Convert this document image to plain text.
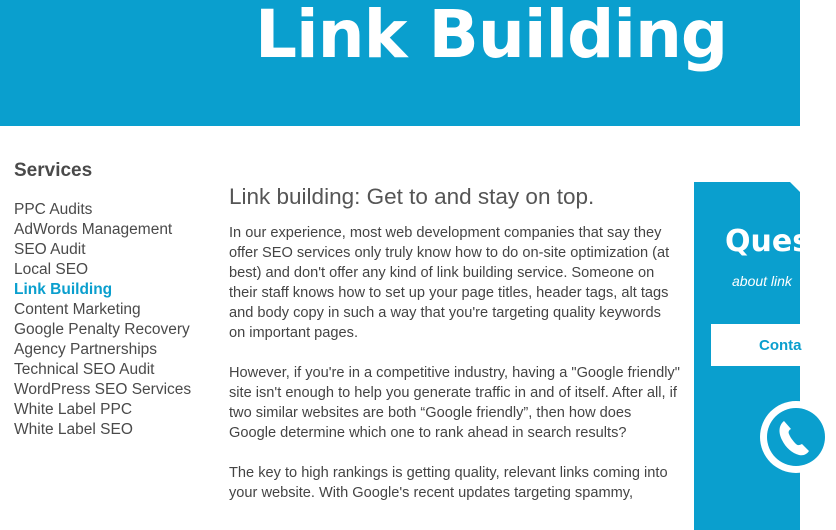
Link Building
Services
PPC Audits
AdWords Management
SEO Audit
Local SEO
Link Building
Content Marketing
Google Penalty Recovery
Agency Partnerships
Technical SEO Audit
WordPress SEO Services
White Label PPC
White Label SEO
Link building: Get to and stay on top.

In our experience, most web development companies that say they offer SEO services only truly know how to do on-site optimization (at best) and don't offer any kind of link building service. Someone on their staff knows how to set up your page titles, header tags, alt tags and body copy in such a way that you're targeting quality keywords on important pages.

However, if you're in a competitive industry, having a "Google friendly" site isn't enough to help you generate traffic in and of itself. After all, if two similar websites are both “Google friendly”, then how does Google determine which one to rank ahead in search results?

The key to high rankings is getting quality, relevant links coming into your website. With Google's recent updates targeting spammy,

Quest
about link
Conta
